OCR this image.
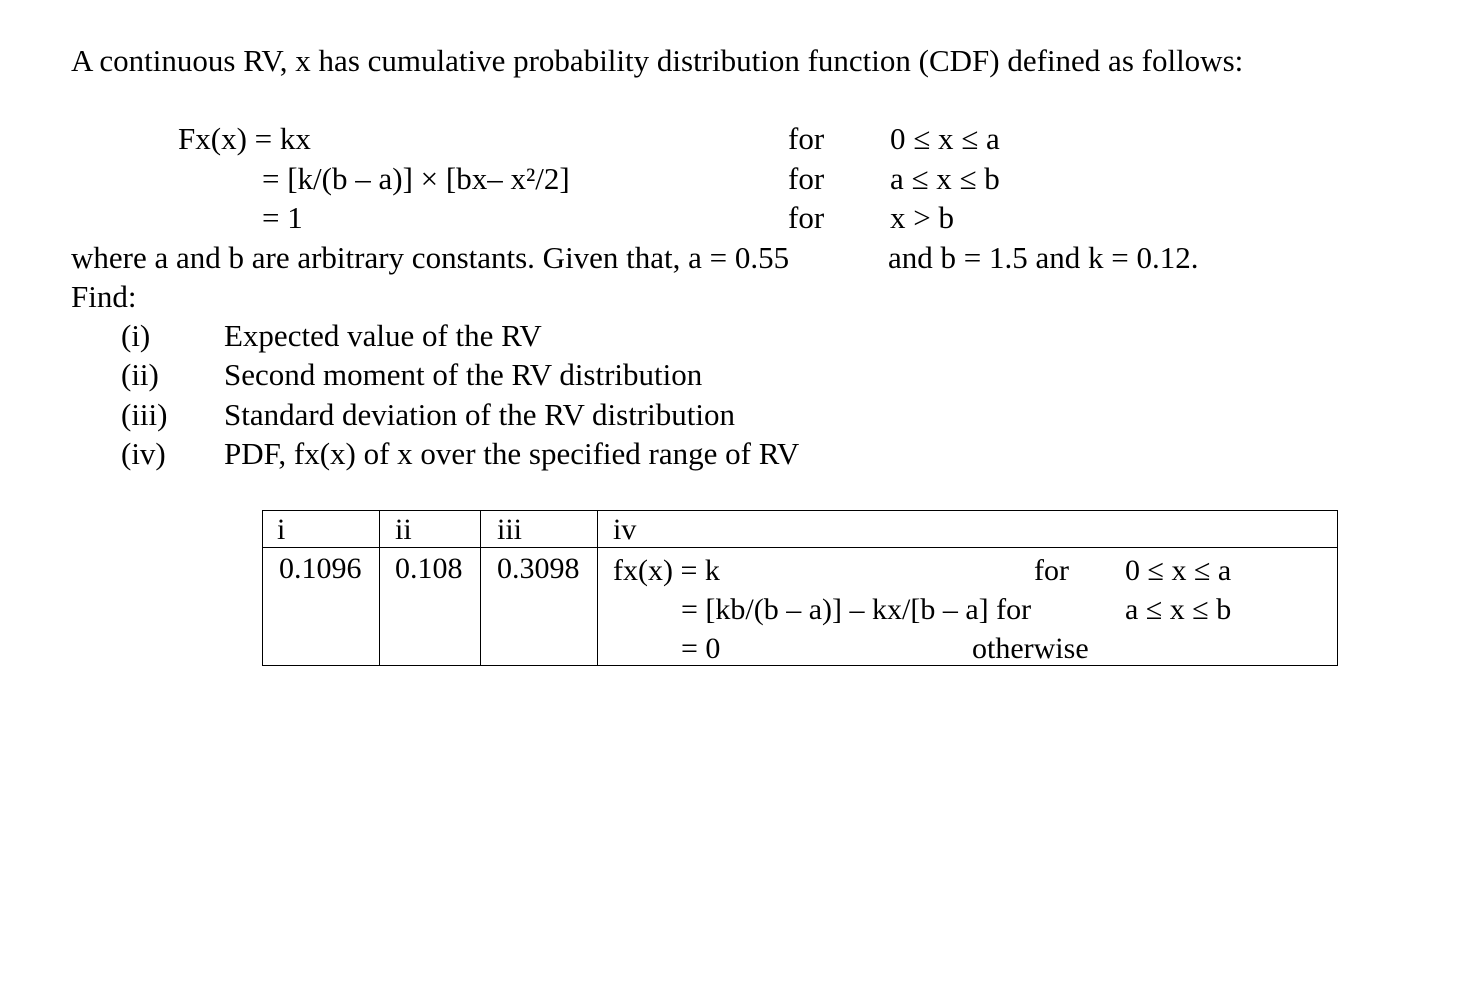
A continuous RV, x has cumulative probability distribution function (CDF) defined as follows:
Fx(x) = kx	for 0 ≤ x ≤ a
= [k/(b – a)] × [bx– x²/2]	for a ≤ x ≤ b
= 1	for x > b
where a and b are arbitrary constants. Given that, a = 0.55	and b = 1.5 and k = 0.12.
Find:
(i) Expected value of the RV
(ii) Second moment of the RV distribution
(iii) Standard deviation of the RV distribution
(iv) PDF, fx(x) of x over the specified range of RV
i	ii	iii	iv
0.1096 0.108 0.3098 fx(x) = k	for 0 ≤ x ≤ a
= [kb/(b – a)] – kx/[b – a] for	a ≤ x ≤ b
= 0	otherwise
